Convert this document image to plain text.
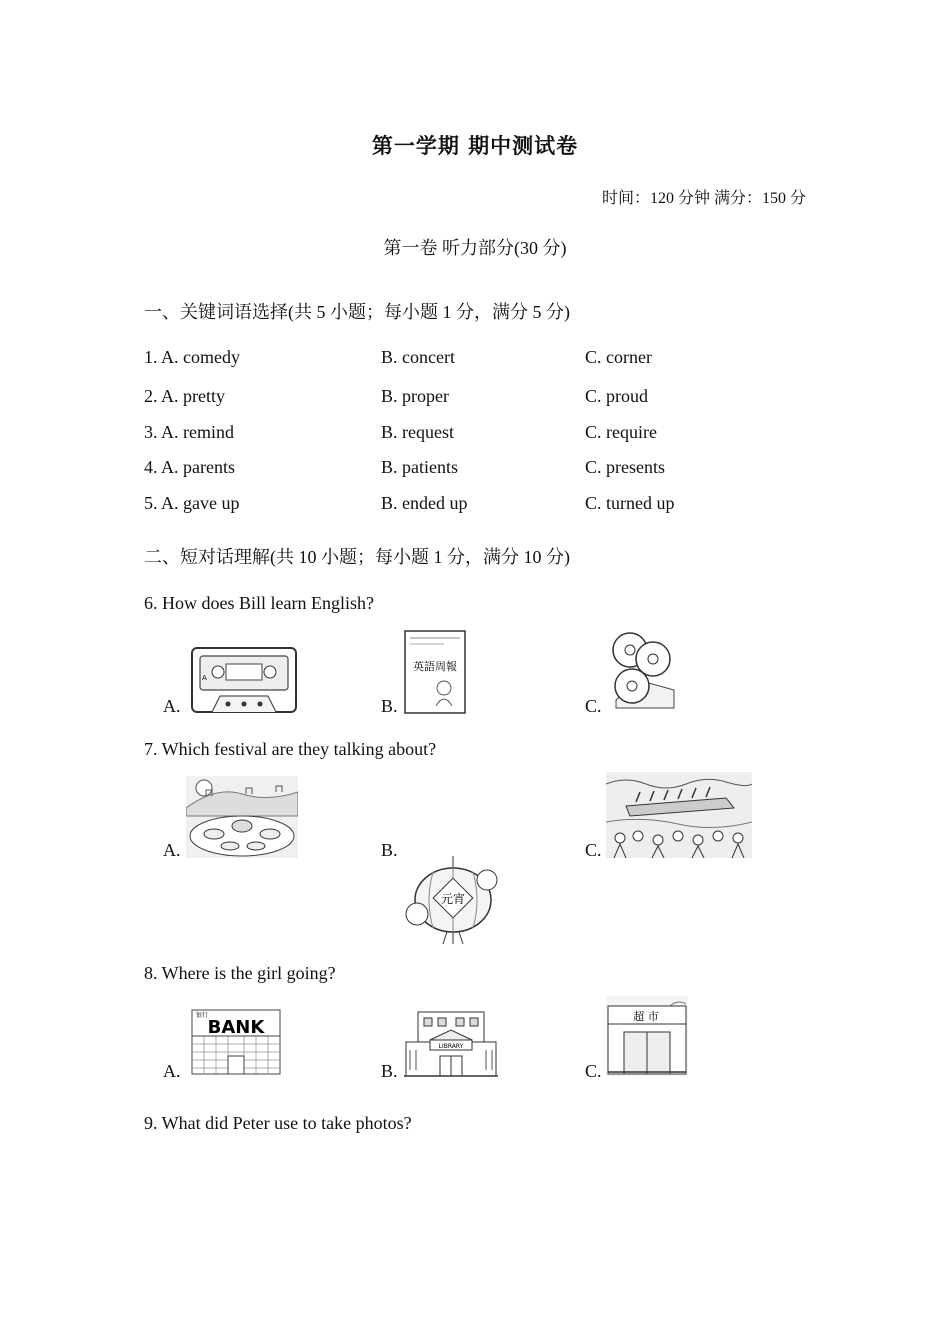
第一学期 期中测试卷
时间：120 分钟 满分：150 分
第一卷 听力部分(30 分)
一、关键词语选择(共 5 小题；每小题 1 分，满分 5 分)
1. A. comedy	B. concert	C. corner
2. A. pretty	B. proper	C. proud
3. A. remind	B. request	C. require
4. A. parents	B. patients	C. presents
5. A. gave up	B. ended up	C. turned up
二、短对话理解(共 10 小题；每小题 1 分，满分 10 分)
6. How does Bill learn English?
A.	B.	C.
A
英語周報
7. Which festival are they talking about?
A.	B.	C.
元宵
8. Where is the girl going?
A.	B.	C.
银行
BANK
LIBRARY
超 市
9. What did Peter use to take photos?
